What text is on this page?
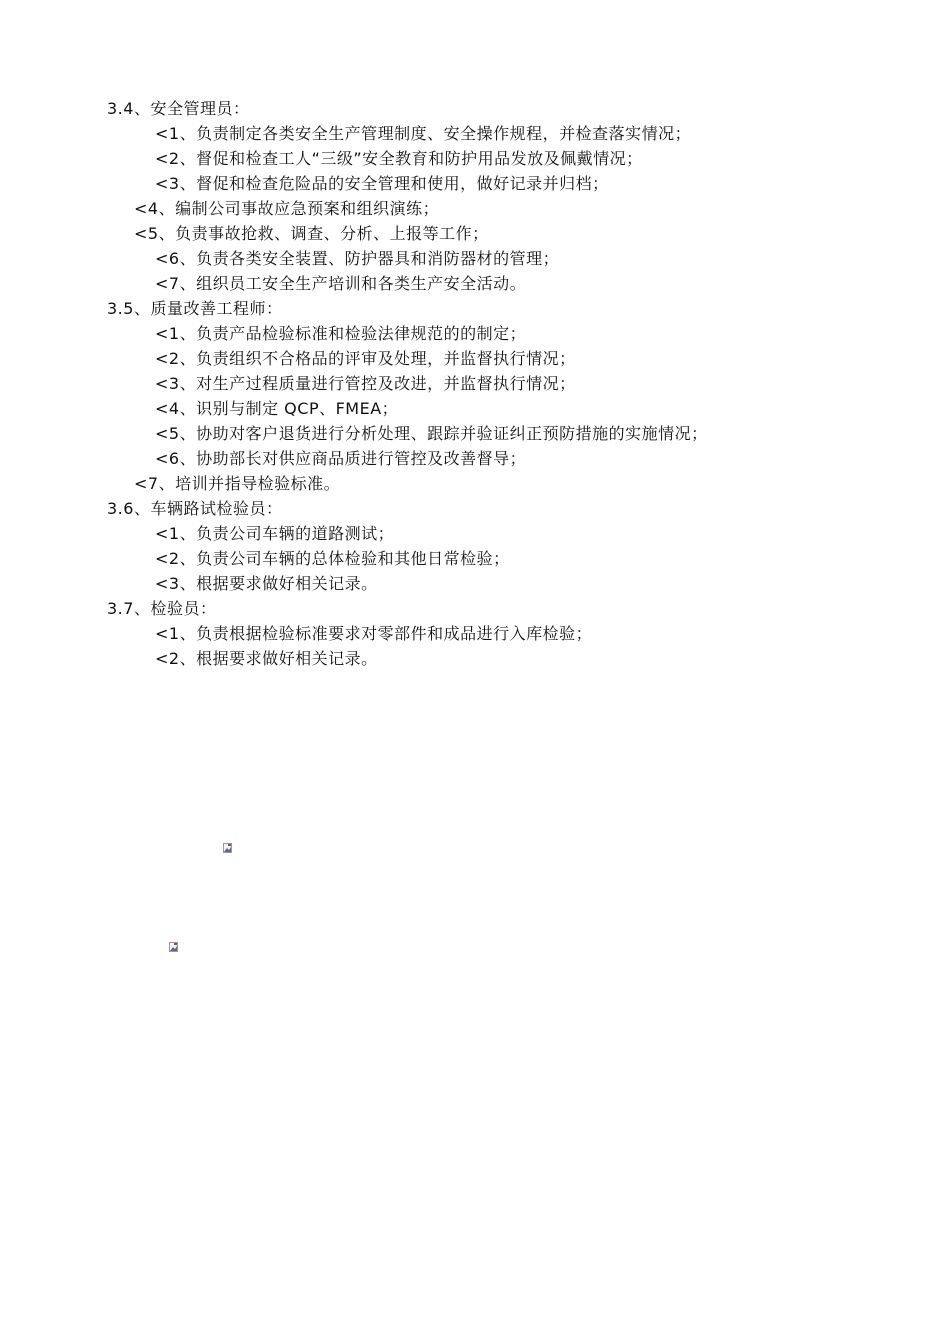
3.4、安全管理员：
<1、负责制定各类安全生产管理制度、安全操作规程，并检查落实情况；
<2、督促和检查工人“三级”安全教育和防护用品发放及佩戴情况；
<3、督促和检查危险品的安全管理和使用，做好记录并归档；
<4、编制公司事故应急预案和组织演练；
<5、负责事故抢救、调查、分析、上报等工作；
<6、负责各类安全装置、防护器具和消防器材的管理；
<7、组织员工安全生产培训和各类生产安全活动。
3.5、质量改善工程师：
<1、负责产品检验标准和检验法律规范的的制定；
<2、负责组织不合格品的评审及处理，并监督执行情况；
<3、对生产过程质量进行管控及改进，并监督执行情况；
<4、识别与制定 QCP、FMEA；
<5、协助对客户退货进行分析处理、跟踪并验证纠正预防措施的实施情况；
<6、协助部长对供应商品质进行管控及改善督导；
<7、培训并指导检验标准。
3.6、车辆路试检验员：
<1、负责公司车辆的道路测试；
<2、负责公司车辆的总体检验和其他日常检验；
<3、根据要求做好相关记录。
3.7、检验员：
<1、负责根据检验标准要求对零部件和成品进行入库检验；
<2、根据要求做好相关记录。
